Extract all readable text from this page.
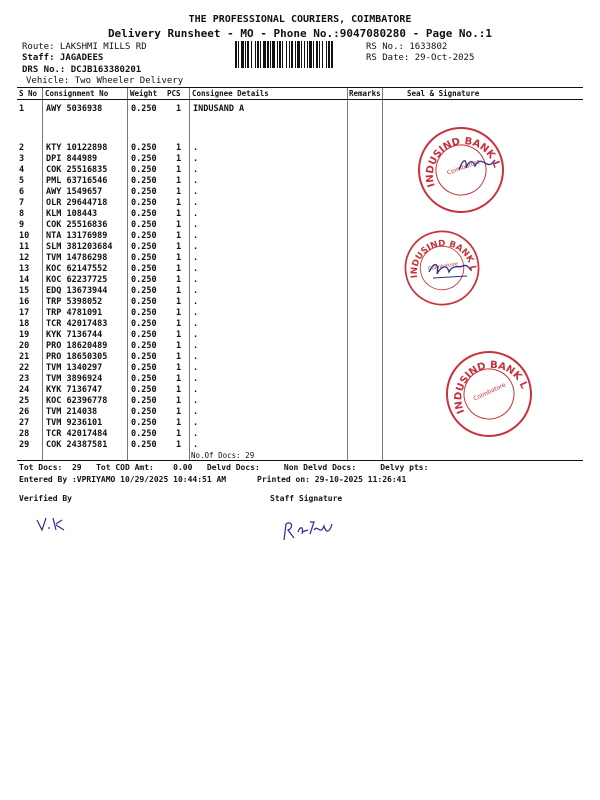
THE PROFESSIONAL COURIERS, COIMBATORE
Delivery Runsheet - MO - Phone No.:9047080280 - Page No.:1
Route: LAKSHMI MILLS RD
Staff: JAGADEES
DRS No.: DCJB163380201
Vehicle: Two Wheeler Delivery
RS No.: 1633802
RS Date: 29-Oct-2025
S No Consignment No	Weight PCS Consignee Details	Remarks	Seal & Signature
1	AWY 5036938	0.250 1 INDUSAND A
2	KTY 10122898	0.250 1 .
3	DPI 844989	0.250 1 .
4	COK 25516835	0.250 1 .
5	PML 63716546	0.250 1 .
6	AWY 1549657	0.250 1 .
7	OLR 29644718	0.250 1 .
8	KLM 108443	0.250 1 .
9	COK 25516836	0.250 1 .
10 NTA 13176989	0.250 1 .
11 SLM 381203684 0.250 1 .
12 TVM 14786298	0.250 1 .
13 KOC 62147552	0.250 1 .
14 KOC 62237725	0.250 1 .
15 EDQ 13673944	0.250 1 .
16 TRP 5398052	0.250 1 .
17 TRP 4781091	0.250 1 .
18 TCR 42017483	0.250 1 .
19 KYK 7136744	0.250 1 .
20 PRO 18620489	0.250 1 .
21 PRO 18650305	0.250 1 .
22 TVM 1340297	0.250 1 .
23 TVM 3896924	0.250 1 .
24 KYK 7136747	0.250 1 .
25 KOC 62396778	0.250 1 .
26 TVM 214038	0.250 1 .
27 TVM 9236101	0.250 1 .
28 TCR 42017484	0.250 1 .
29 COK 24387581	0.250 1 .
INDUSIND BANK LTD
Coimbatore
INDUSIND BANK LTD
Coimbatore
INDUSIND BANK LTD
Coimbatore
No.Of Docs: 29
Tot Docs:  29   Tot COD Amt:    0.00   Delvd Docs:     Non Delvd Docs:     Delvy pts:
Entered By :VPRIYAMO 10/29/2025 10:44:51 AM	Printed on: 29-10-2025 11:26:41
Verified By	Staff Signature
